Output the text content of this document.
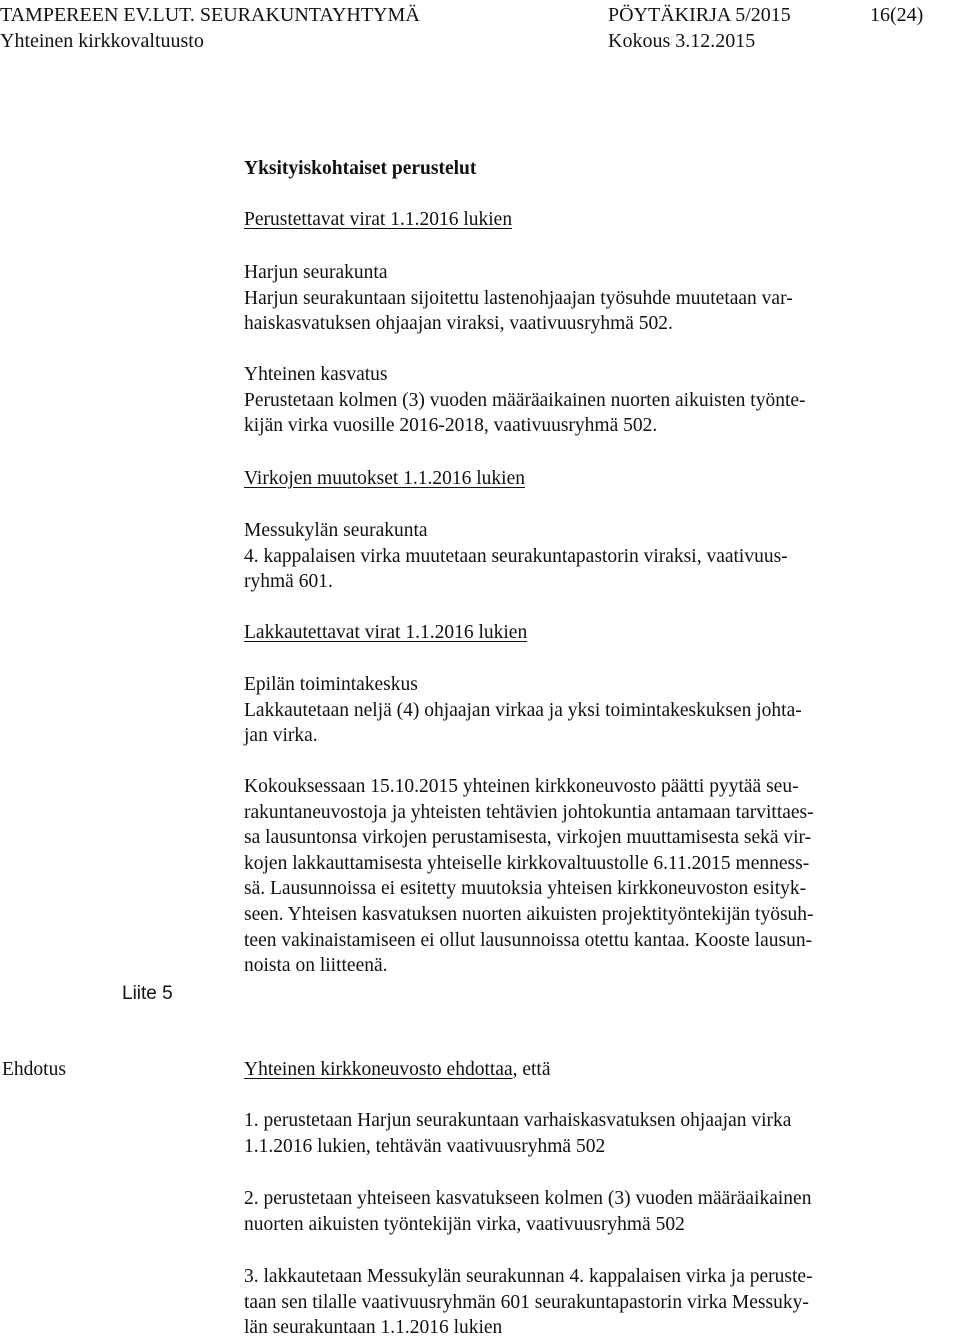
TAMPEREEN EV.LUT. SEURAKUNTAYHTYMÄ	PÖYTÄKIRJA 5/2015	16(24)
Yhteinen kirkkovaltuusto	Kokous 3.12.2015
Yksityiskohtaiset perustelut
Perustettavat virat 1.1.2016 lukien
Harjun seurakunta
Harjun seurakuntaan sijoitettu lastenohjaajan työsuhde muutetaan var-
haiskasvatuksen ohjaajan viraksi, vaativuusryhmä 502.
Yhteinen kasvatus
Perustetaan kolmen (3) vuoden määräaikainen nuorten aikuisten työnte-
kijän virka vuosille 2016-2018, vaativuusryhmä 502.
Virkojen muutokset 1.1.2016 lukien
Messukylän seurakunta
4. kappalaisen virka muutetaan seurakuntapastorin viraksi, vaativuus-
ryhmä 601.
Lakkautettavat virat 1.1.2016 lukien
Epilän toimintakeskus
Lakkautetaan neljä (4) ohjaajan virkaa ja yksi toimintakeskuksen johta-
jan virka.
Kokouksessaan 15.10.2015 yhteinen kirkkoneuvosto päätti pyytää seu-
rakuntaneuvostoja ja yhteisten tehtävien johtokuntia antamaan tarvittaes-
sa lausuntonsa virkojen perustamisesta, virkojen muuttamisesta sekä vir-
kojen lakkauttamisesta yhteiselle kirkkovaltuustolle 6.11.2015 menness-
sä. Lausunnoissa ei esitetty muutoksia yhteisen kirkkoneuvoston esityk-
seen. Yhteisen kasvatuksen nuorten aikuisten projektityöntekijän työsuh-
teen vakinaistamiseen ei ollut lausunnoissa otettu kantaa. Kooste lausun-
noista on liitteenä.
Liite 5
Ehdotus	Yhteinen kirkkoneuvosto ehdottaa, että
1. perustetaan Harjun seurakuntaan varhaiskasvatuksen ohjaajan virka
1.1.2016 lukien, tehtävän vaativuusryhmä 502
2. perustetaan yhteiseen kasvatukseen kolmen (3) vuoden määräaikainen
nuorten aikuisten työntekijän virka, vaativuusryhmä 502
3. lakkautetaan Messukylän seurakunnan 4. kappalaisen virka ja peruste-
taan sen tilalle vaativuusryhmän 601 seurakuntapastorin virka Messuky-
län seurakuntaan 1.1.2016 lukien
